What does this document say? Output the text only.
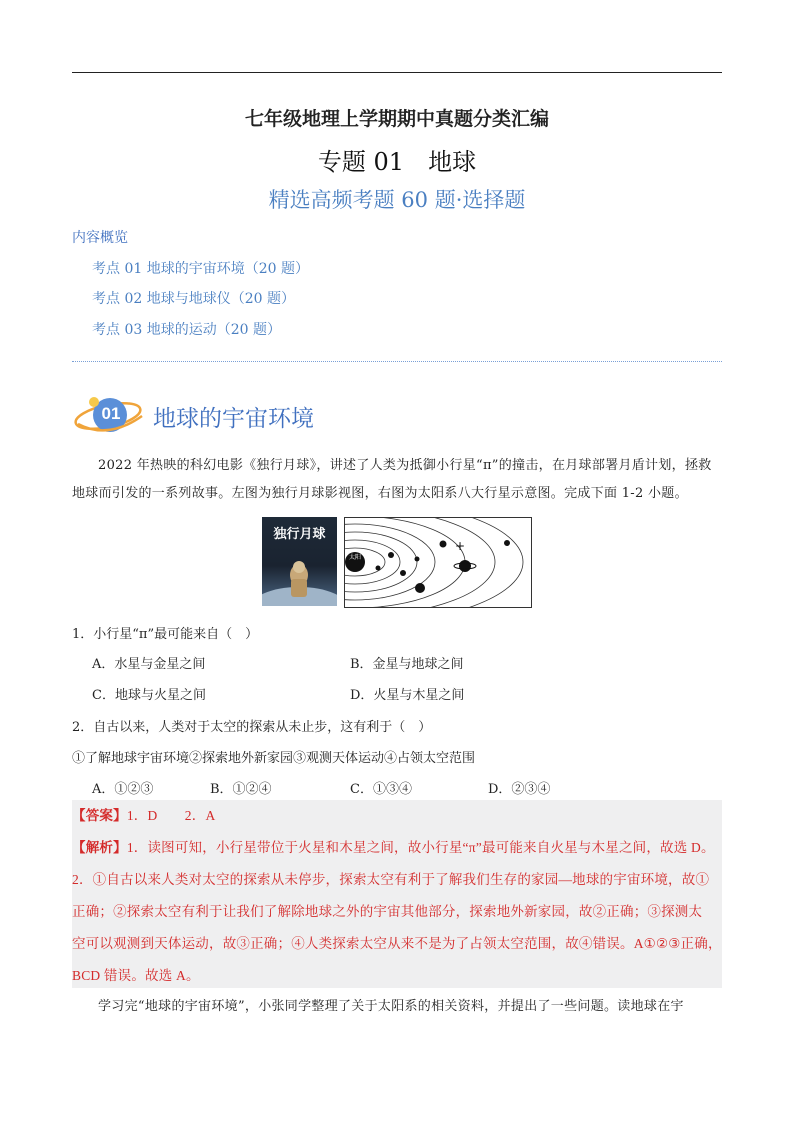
七年级地理上学期期中真题分类汇编
专题 01　地球
精选高频考题 60 题·选择题
内容概览
考点 01 地球的宇宙环境（20 题）
考点 02 地球与地球仪（20 题）
考点 03 地球的运动（20 题）
01 地球的宇宙环境
2022 年热映的科幻电影《独行月球》，讲述了人类为抵御小行星“π”的撞击，在月球部署月盾计划，拯救地球而引发的一系列故事。左图为独行月球影视图，右图为太阳系八大行星示意图。完成下面 1-2 小题。
独行月球
+
太阳
1．小行星“π”最可能来自（　）
A．水星与金星之间	B．金星与地球之间
C．地球与火星之间	D．火星与木星之间
2．自古以来，人类对于太空的探索从未止步，这有利于（　）
①了解地球宇宙环境②探索地外新家园③观测天体运动④占领太空范围
A．①②③	B．①②④	C．①③④	D．②③④
【答案】1．D　　2．A
【解析】1．读图可知，小行星带位于火星和木星之间，故小行星“π”最可能来自火星与木星之间，故选 D。
2．①自古以来人类对太空的探索从未停步，探索太空有利于了解我们生存的家园—地球的宇宙环境，故①
正确；②探索太空有利于让我们了解除地球之外的宇宙其他部分，探索地外新家园，故②正确；③探测太
空可以观测到天体运动，故③正确；④人类探索太空从来不是为了占领太空范围，故④错误。A①②③正确，
BCD 错误。故选 A。
学习完“地球的宇宙环境”，小张同学整理了关于太阳系的相关资料，并提出了一些问题。读地球在宇
